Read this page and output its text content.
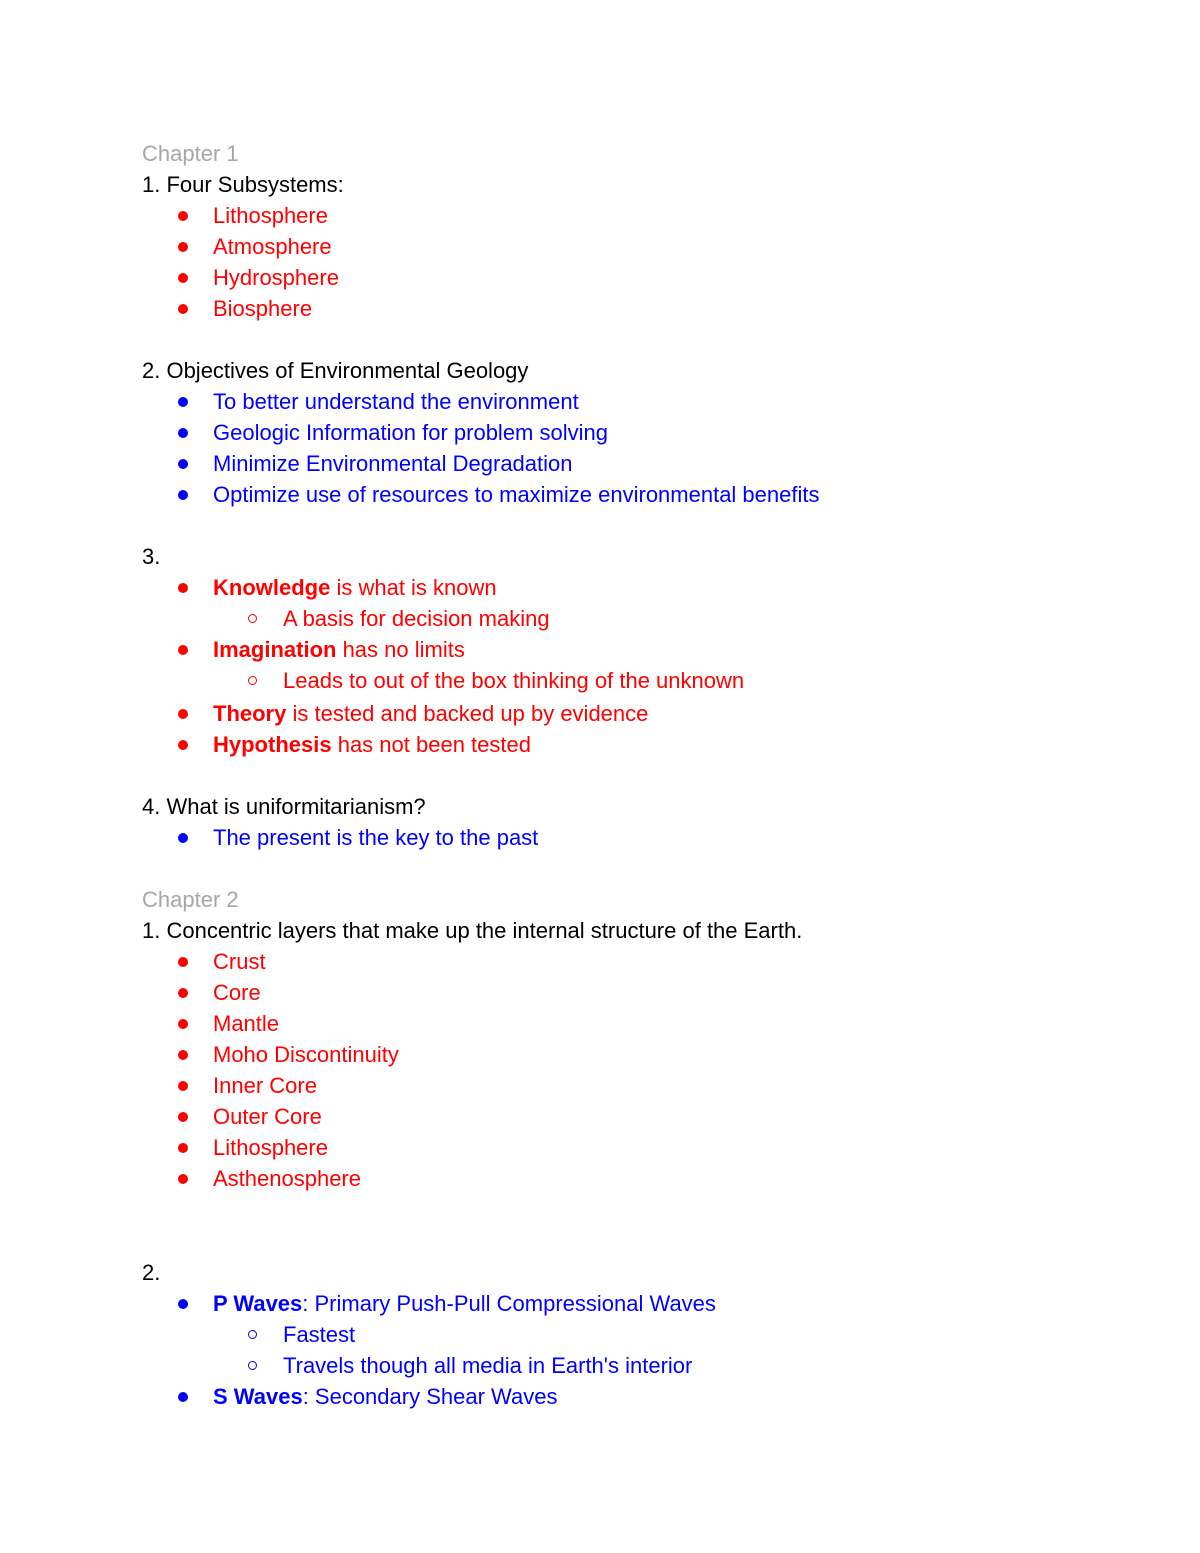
Chapter 1
1. Four Subsystems:
Lithosphere
Atmosphere
Hydrosphere
Biosphere
2. Objectives of Environmental Geology
To better understand the environment
Geologic Information for problem solving
Minimize Environmental Degradation
Optimize use of resources to maximize environmental benefits
3.
Knowledge is what is known
A basis for decision making
Imagination has no limits
Leads to out of the box thinking of the unknown
Theory is tested and backed up by evidence
Hypothesis has not been tested
4. What is uniformitarianism?
The present is the key to the past
Chapter 2
1. Concentric layers that make up the internal structure of the Earth.
Crust
Core
Mantle
Moho Discontinuity
Inner Core
Outer Core
Lithosphere
Asthenosphere
2.
P Waves: Primary Push-Pull Compressional Waves
Fastest
Travels though all media in Earth's interior
S Waves: Secondary Shear Waves
